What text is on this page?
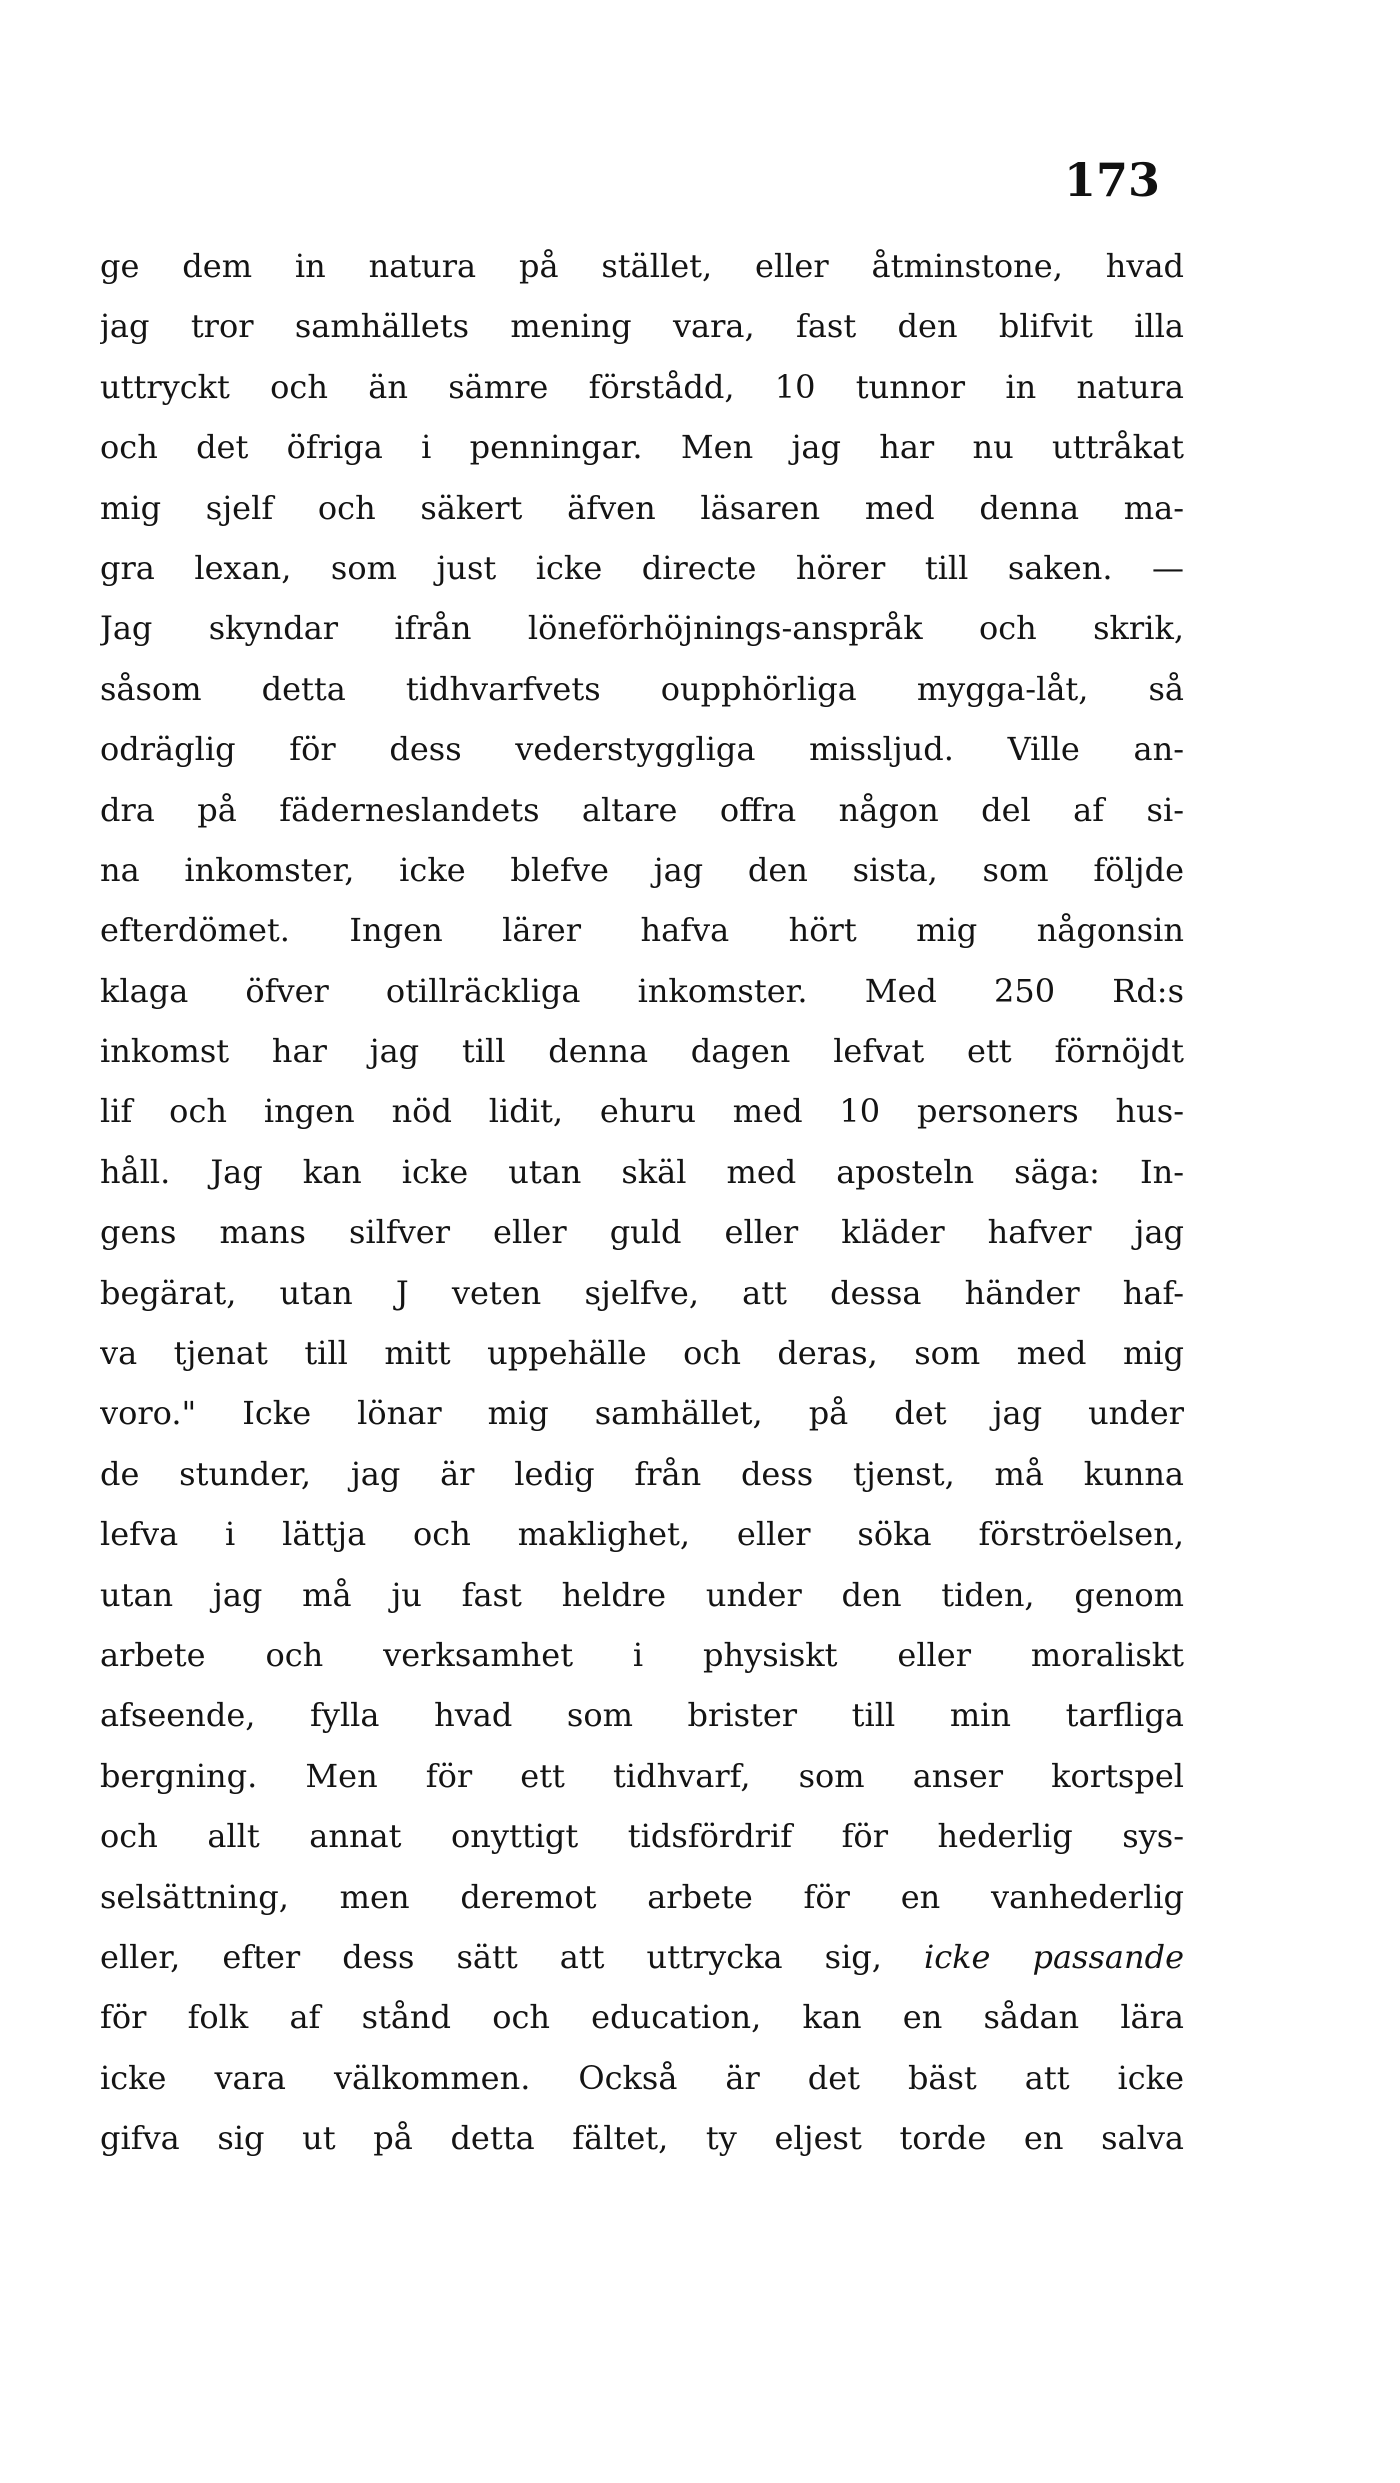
173
ge dem in natura på stället, eller åtminstone, hvad
jag tror samhällets mening vara, fast den blifvit illa
uttryckt och än sämre förstådd, 10 tunnor in natura
och det öfriga i penningar. Men jag har nu uttråkat
mig sjelf och säkert äfven läsaren med denna ma-
gra lexan, som just icke directe hörer till saken. —
Jag skyndar ifrån löneförhöjnings-anspråk och skrik,
såsom detta tidhvarfvets oupphörliga mygga-låt, så
odräglig för dess vederstyggliga missljud. Ville an-
dra på fäderneslandets altare offra någon del af si-
na inkomster, icke blefve jag den sista, som följde
efterdömet. Ingen lärer hafva hört mig någonsin
klaga öfver otillräckliga inkomster. Med 250 Rd:s
inkomst har jag till denna dagen lefvat ett förnöjdt
lif och ingen nöd lidit, ehuru med 10 personers hus-
håll. Jag kan icke utan skäl med aposteln säga: In-
gens mans silfver eller guld eller kläder hafver jag
begärat, utan J veten sjelfve, att dessa händer haf-
va tjenat till mitt uppehälle och deras, som med mig
voro." Icke lönar mig samhället, på det jag under
de stunder, jag är ledig från dess tjenst, må kunna
lefva i lättja och maklighet, eller söka förströelsen,
utan jag må ju fast heldre under den tiden, genom
arbete och verksamhet i physiskt eller moraliskt
afseende, fylla hvad som brister till min tarfliga
bergning. Men för ett tidhvarf, som anser kortspel
och allt annat onyttigt tidsfördrif för hederlig sys-
selsättning, men deremot arbete för en vanhederlig
eller, efter dess sätt att uttrycka sig, icke passande
för folk af stånd och education, kan en sådan lära
icke vara välkommen. Också är det bäst att icke
gifva sig ut på detta fältet, ty eljest torde en salva
